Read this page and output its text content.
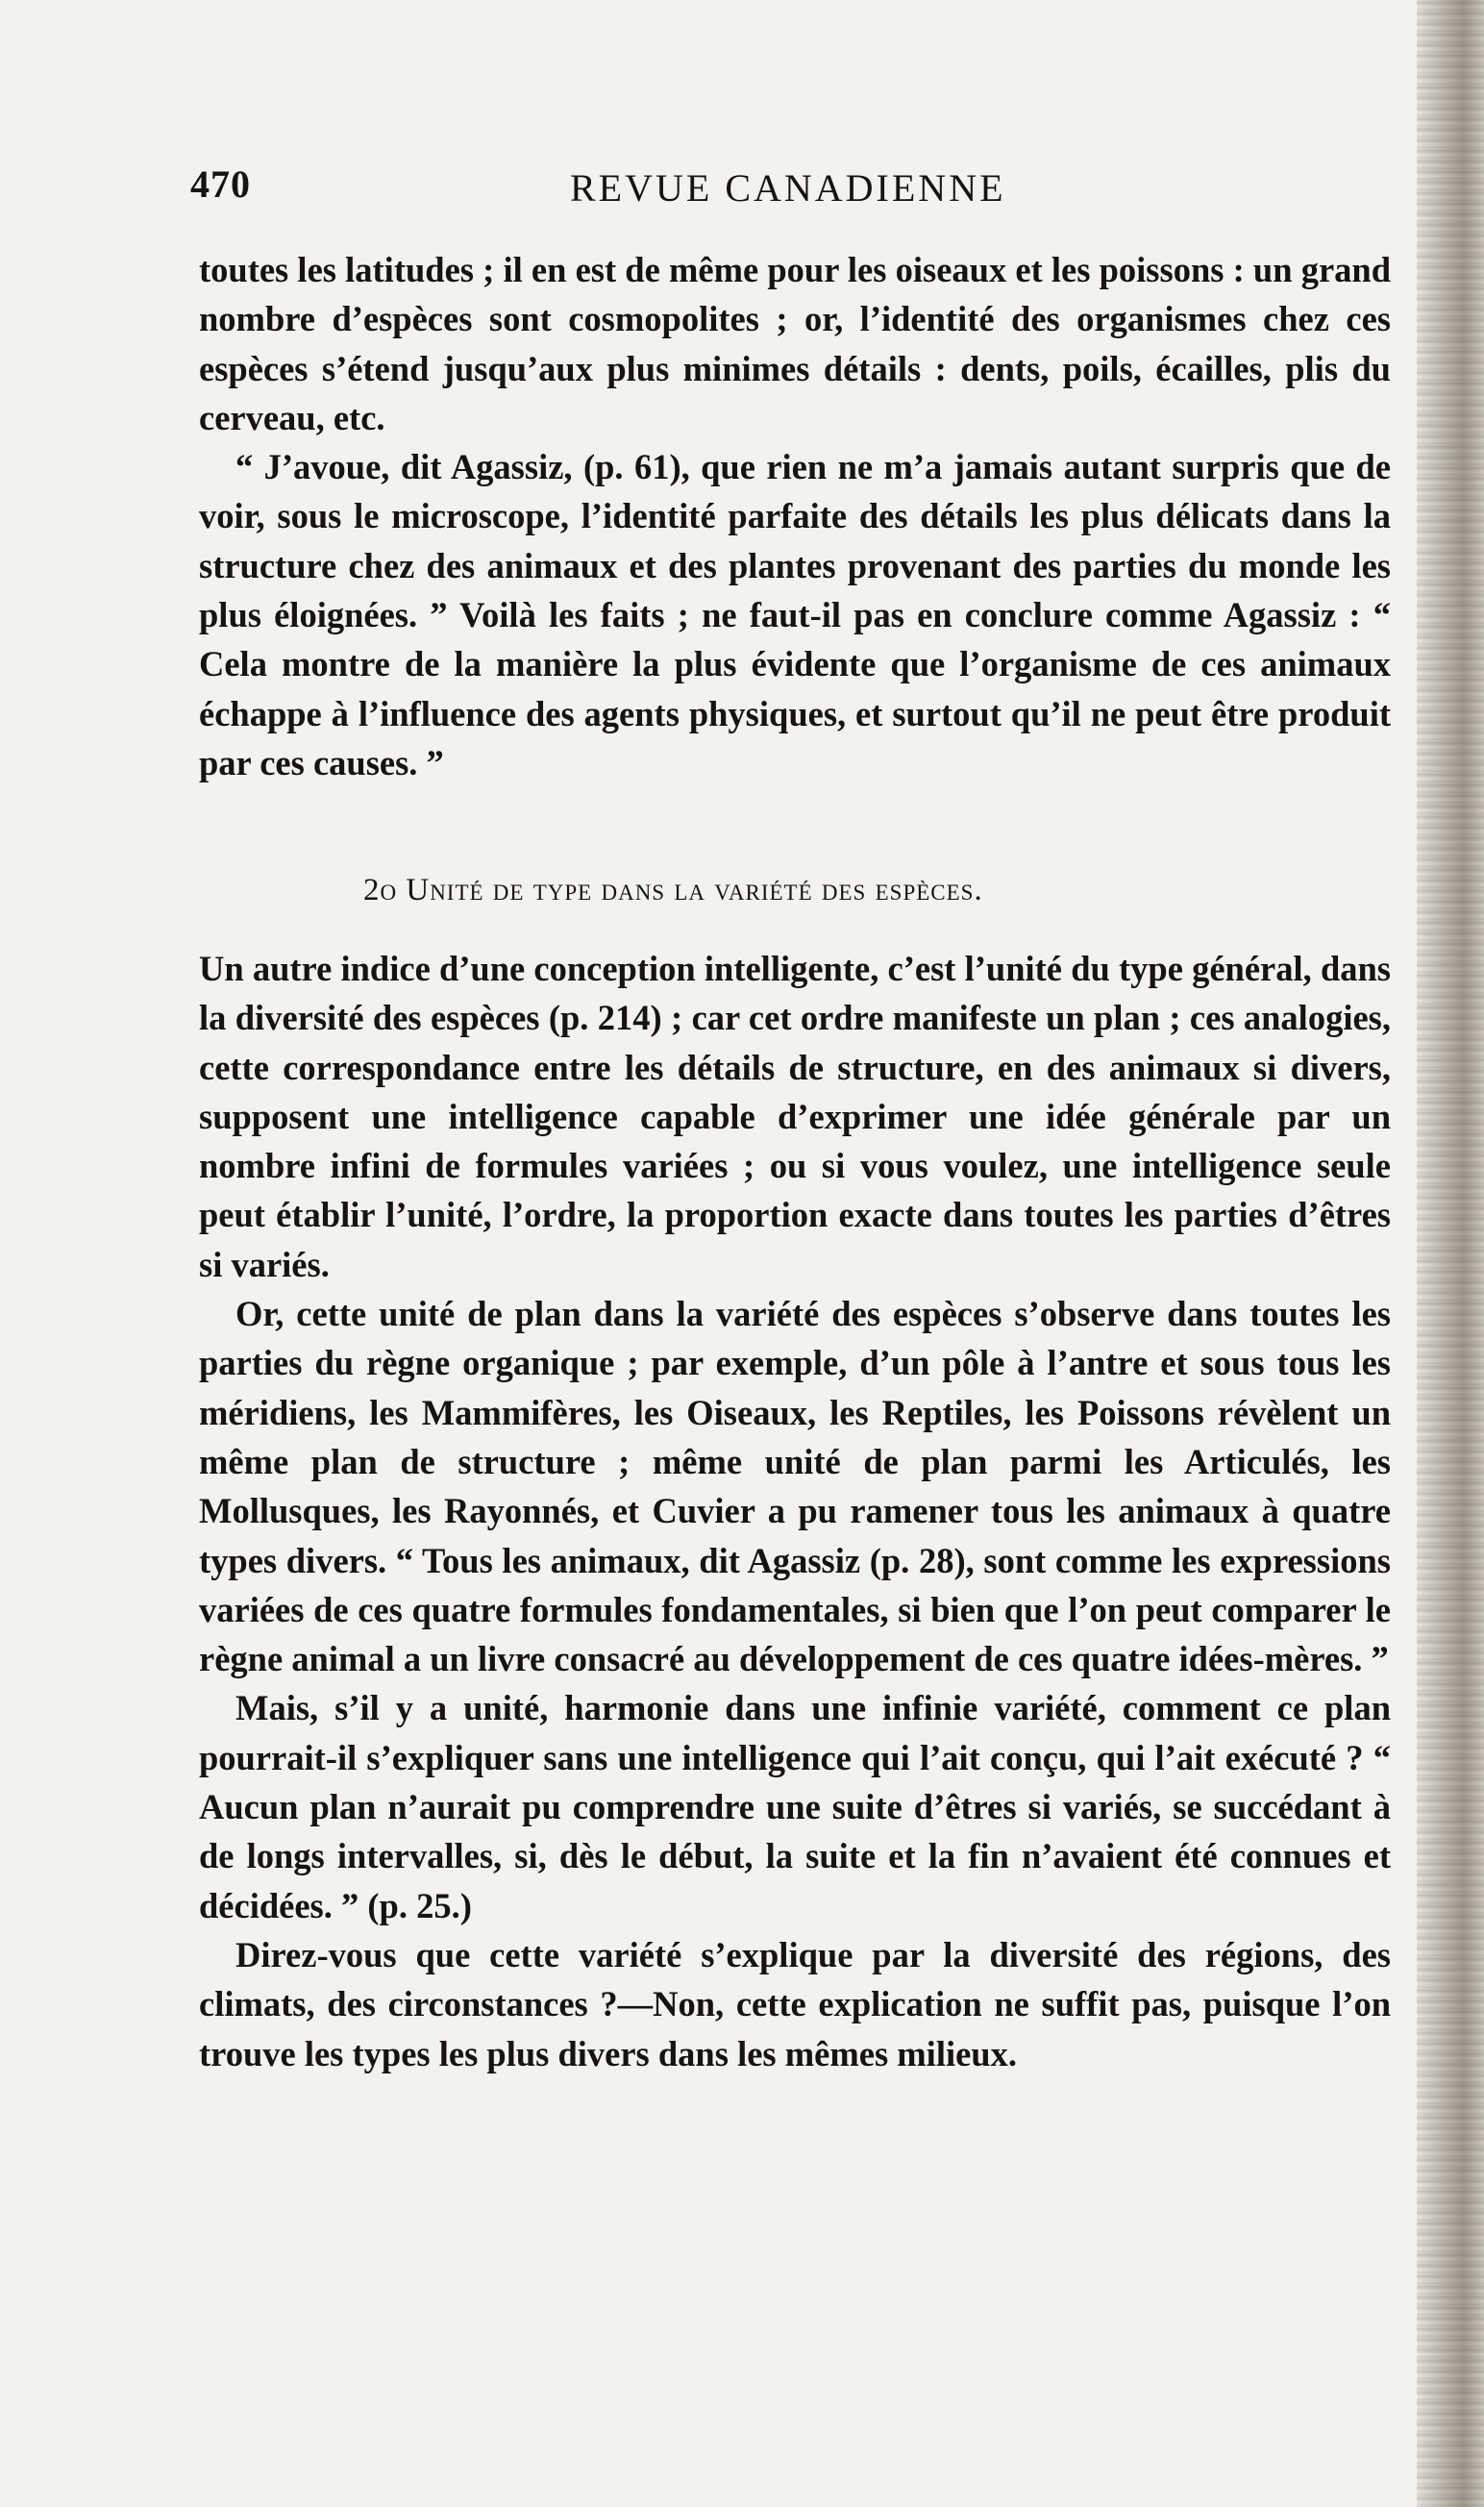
470	REVUE CANADIENNE

toutes les latitudes ; il en est de même pour les oiseaux et les poissons : un grand nombre d’espèces sont cosmopolites ; or, l’identité des organismes chez ces espèces s’étend jusqu’aux plus minimes détails : dents, poils, écailles, plis du cerveau, etc.

“ J’avoue, dit Agassiz, (p. 61), que rien ne m’a jamais autant surpris que de voir, sous le microscope, l’identité parfaite des détails les plus délicats dans la structure chez des animaux et des plantes provenant des parties du monde les plus éloignées. ” Voilà les faits ; ne faut-il pas en conclure comme Agassiz : “ Cela montre de la manière la plus évidente que l’organisme de ces animaux échappe à l’influence des agents physiques, et surtout qu’il ne peut être produit par ces causes. ”

2o Unité de type dans la variété des espèces.

Un autre indice d’une conception intelligente, c’est l’unité du type général, dans la diversité des espèces (p. 214) ; car cet ordre manifeste un plan ; ces analogies, cette correspondance entre les détails de structure, en des animaux si divers, supposent une intelligence capable d’exprimer une idée générale par un nombre infini de formules variées ; ou si vous voulez, une intelligence seule peut établir l’unité, l’ordre, la proportion exacte dans toutes les parties d’êtres si variés.

Or, cette unité de plan dans la variété des espèces s’observe dans toutes les parties du règne organique ; par exemple, d’un pôle à l’antre et sous tous les méridiens, les Mammifères, les Oiseaux, les Reptiles, les Poissons révèlent un même plan de structure ; même unité de plan parmi les Articulés, les Mollusques, les Rayonnés, et Cuvier a pu ramener tous les animaux à quatre types divers. “ Tous les animaux, dit Agassiz (p. 28), sont comme les expressions variées de ces quatre formules fondamentales, si bien que l’on peut comparer le règne animal a un livre consacré au développement de ces quatre idées-mères. ”

Mais, s’il y a unité, harmonie dans une infinie variété, comment ce plan pourrait-il s’expliquer sans une intelligence qui l’ait conçu, qui l’ait exécuté ? “ Aucun plan n’aurait pu comprendre une suite d’êtres si variés, se succédant à de longs intervalles, si, dès le début, la suite et la fin n’avaient été connues et décidées. ” (p. 25.)

Direz-vous que cette variété s’explique par la diversité des régions, des climats, des circonstances ?—Non, cette explication ne suffit pas, puisque l’on trouve les types les plus divers dans les mêmes milieux.
